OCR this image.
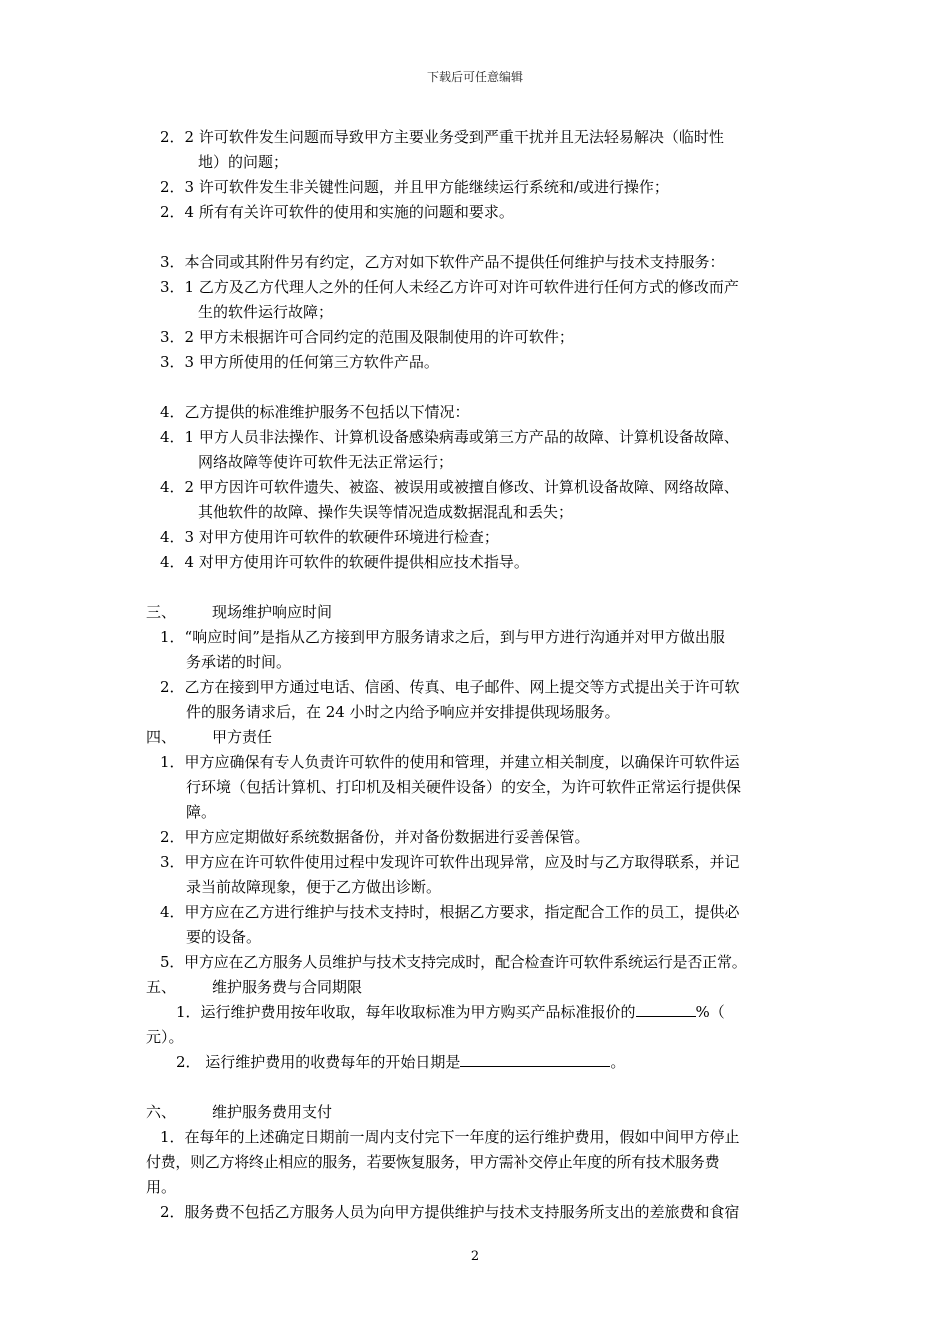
下载后可任意编辑
2．2 许可软件发生问题而导致甲方主要业务受到严重干扰并且无法轻易解决（临时性
地）的问题；
2．3 许可软件发生非关键性问题，并且甲方能继续运行系统和/或进行操作；
2．4 所有有关许可软件的使用和实施的问题和要求。
3．本合同或其附件另有约定，乙方对如下软件产品不提供任何维护与技术支持服务：
3．1 乙方及乙方代理人之外的任何人未经乙方许可对许可软件进行任何方式的修改而产
生的软件运行故障；
3．2 甲方未根据许可合同约定的范围及限制使用的许可软件；
3．3 甲方所使用的任何第三方软件产品。
4．乙方提供的标准维护服务不包括以下情况：
4．1 甲方人员非法操作、计算机设备感染病毒或第三方产品的故障、计算机设备故障、
网络故障等使许可软件无法正常运行；
4．2 甲方因许可软件遗失、被盗、被误用或被擅自修改、计算机设备故障、网络故障、
其他软件的故障、操作失误等情况造成数据混乱和丢失；
4．3 对甲方使用许可软件的软硬件环境进行检查；
4．4 对甲方使用许可软件的软硬件提供相应技术指导。
三、 现场维护响应时间
1．“响应时间”是指从乙方接到甲方服务请求之后，到与甲方进行沟通并对甲方做出服
务承诺的时间。
2．乙方在接到甲方通过电话、信函、传真、电子邮件、网上提交等方式提出关于许可软
件的服务请求后，在 24 小时之内给予响应并安排提供现场服务。
四、 甲方责任
1．甲方应确保有专人负责许可软件的使用和管理，并建立相关制度，以确保许可软件运
行环境（包括计算机、打印机及相关硬件设备）的安全，为许可软件正常运行提供保
障。
2．甲方应定期做好系统数据备份，并对备份数据进行妥善保管。
3．甲方应在许可软件使用过程中发现许可软件出现异常，应及时与乙方取得联系，并记
录当前故障现象，便于乙方做出诊断。
4．甲方应在乙方进行维护与技术支持时，根据乙方要求，指定配合工作的员工，提供必
要的设备。
5．甲方应在乙方服务人员维护与技术支持完成时，配合检查许可软件系统运行是否正常。
五、 维护服务费与合同期限
1．运行维护费用按年收取，每年收取标准为甲方购买产品标准报价的	%（
元）。
2． 运行维护费用的收费每年的开始日期是	。
六、 维护服务费用支付
1．在每年的上述确定日期前一周内支付完下一年度的运行维护费用，假如中间甲方停止
付费，则乙方将终止相应的服务，若要恢复服务，甲方需补交停止年度的所有技术服务费
用。
2．服务费不包括乙方服务人员为向甲方提供维护与技术支持服务所支出的差旅费和食宿
2
